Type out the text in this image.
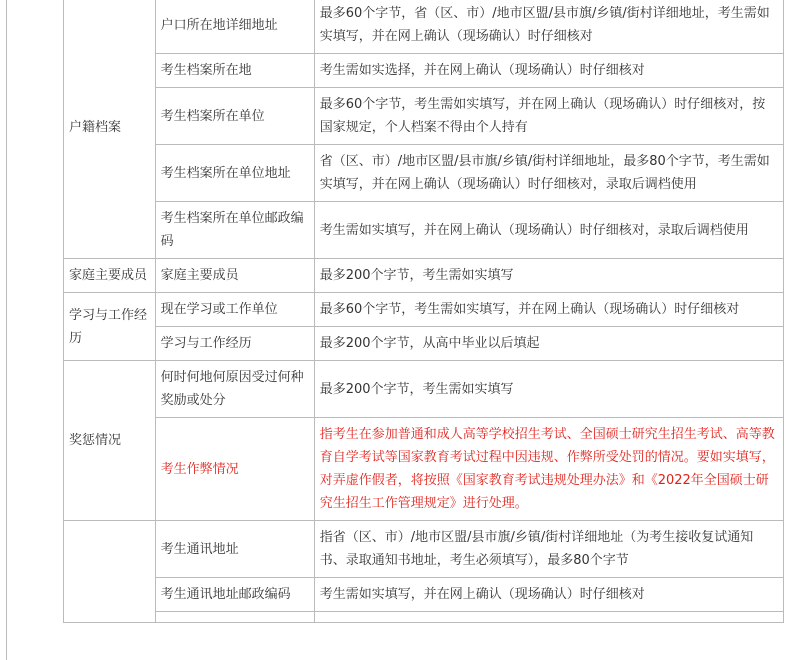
户籍档案	户口所在地详细地址	最多60个字节，省（区、市）/地市区盟/县市旗/乡镇/街村详细地址，考生需如实填写，并在网上确认（现场确认）时仔细核对
	考生档案所在地	考生需如实选择，并在网上确认（现场确认）时仔细核对
	考生档案所在单位	最多60个字节，考生需如实填写，并在网上确认（现场确认）时仔细核对，按国家规定，个人档案不得由个人持有
	考生档案所在单位地址	省（区、市）/地市区盟/县市旗/乡镇/街村详细地址，最多80个字节，考生需如实填写，并在网上确认（现场确认）时仔细核对，录取后调档使用
	考生档案所在单位邮政编码	考生需如实填写，并在网上确认（现场确认）时仔细核对，录取后调档使用
家庭主要成员	家庭主要成员	最多200个字节，考生需如实填写
学习与工作经历	现在学习或工作单位	最多60个字节，考生需如实填写，并在网上确认（现场确认）时仔细核对
	学习与工作经历	最多200个字节，从高中毕业以后填起
奖惩情况	何时何地何原因受过何种奖励或处分	最多200个字节，考生需如实填写
	考生作弊情况	指考生在参加普通和成人高等学校招生考试、全国硕士研究生招生考试、高等教育自学考试等国家教育考试过程中因违规、作弊所受处罚的情况。要如实填写，对弄虚作假者，将按照《国家教育考试违规处理办法》和《2022年全国硕士研究生招生工作管理规定》进行处理。
	考生通讯地址	指省（区、市）/地市区盟/县市旗/乡镇/街村详细地址（为考生接收复试通知书、录取通知书地址，考生必须填写），最多80个字节
	考生通讯地址邮政编码	考生需如实填写，并在网上确认（现场确认）时仔细核对
